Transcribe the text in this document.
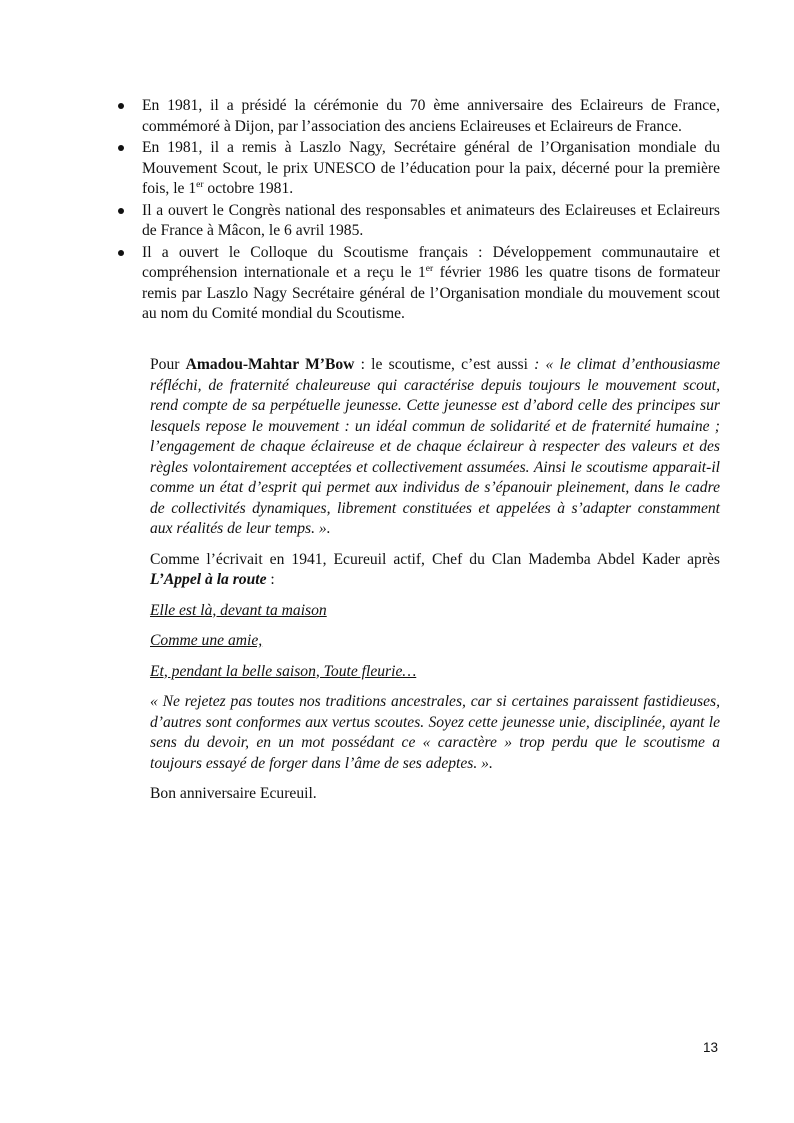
En 1981, il a présidé la cérémonie du 70 ème anniversaire des Eclaireurs de France, commémoré à Dijon, par l’association des anciens Eclaireuses et Eclaireurs de France.
En 1981, il a remis à Laszlo Nagy, Secrétaire général de l’Organisation mondiale du Mouvement Scout, le prix UNESCO de l’éducation pour la paix, décerné pour la première fois, le 1er octobre 1981.
Il a ouvert le Congrès national des responsables et animateurs des Eclaireuses et Eclaireurs de France à Mâcon, le 6 avril 1985.
Il a ouvert le Colloque du Scoutisme français : Développement communautaire et compréhension internationale et a reçu le 1er février 1986 les quatre tisons de formateur remis par Laszlo Nagy Secrétaire général de l’Organisation mondiale du mouvement scout au nom du Comité mondial du Scoutisme.

Pour Amadou-Mahtar M’Bow : le scoutisme, c’est aussi : « le climat d’enthousiasme réfléchi, de fraternité chaleureuse qui caractérise depuis toujours le mouvement scout, rend compte de sa perpétuelle jeunesse. Cette jeunesse est d’abord celle des principes sur lesquels repose le mouvement : un idéal commun de solidarité et de fraternité humaine ; l’engagement de chaque éclaireuse et de chaque éclaireur à respecter des valeurs et des règles volontairement acceptées et collectivement assumées. Ainsi le scoutisme apparait-il comme un état d’esprit qui permet aux individus de s’épanouir pleinement, dans le cadre de collectivités dynamiques, librement constituées et appelées à s’adapter constamment aux réalités de leur temps. ».

Comme l’écrivait en 1941, Ecureuil actif, Chef du Clan Mademba Abdel Kader après L’Appel à la route :

Elle est là, devant ta maison

Comme une amie,

Et, pendant la belle saison, Toute fleurie…

« Ne rejetez pas toutes nos traditions ancestrales, car si certaines paraissent fastidieuses, d’autres sont conformes aux vertus scoutes. Soyez cette jeunesse unie, disciplinée, ayant le sens du devoir, en un mot possédant ce « caractère » trop perdu que le scoutisme a toujours essayé de forger dans l’âme de ses adeptes. ».

Bon anniversaire Ecureuil.

13
